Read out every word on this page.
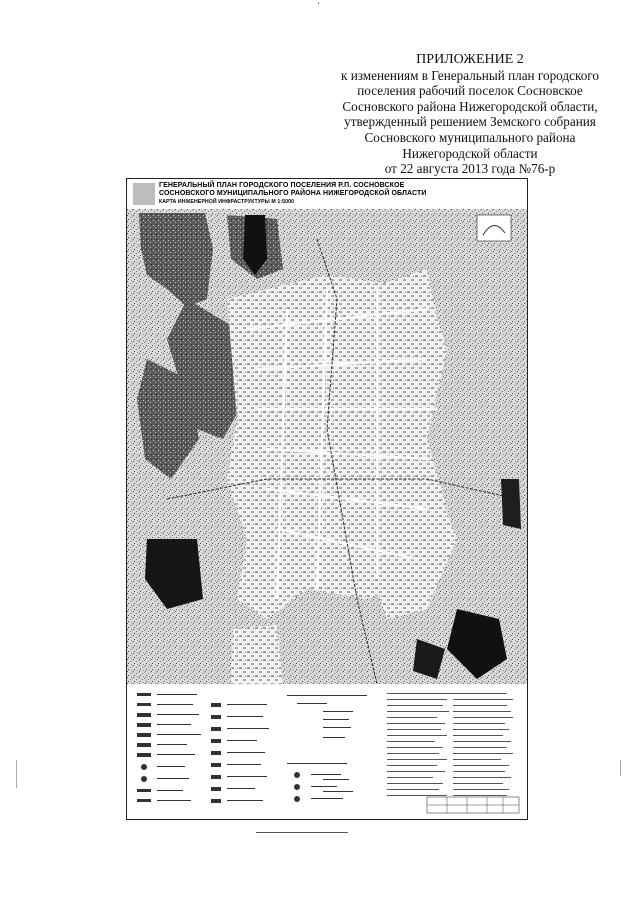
ПРИЛОЖЕНИЕ 2
к изменениям в Генеральный план городского
поселения рабочий поселок Сосновское
Сосновского района Нижегородской области,
утвержденный решением Земского собрания
Сосновского муниципального района
Нижегородской области
от 22 августа 2013 года №76-р
ГЕНЕРАЛЬНЫЙ ПЛАН ГОРОДСКОГО ПОСЕЛЕНИЯ Р.П. СОСНОВСКОЕ
СОСНОВСКОГО МУНИЦИПАЛЬНОГО РАЙОНА НИЖЕГОРОДСКОЙ ОБЛАСТИ
КАРТА ИНЖЕНЕРНОЙ ИНФРАСТРУКТУРЫ М 1:5000
